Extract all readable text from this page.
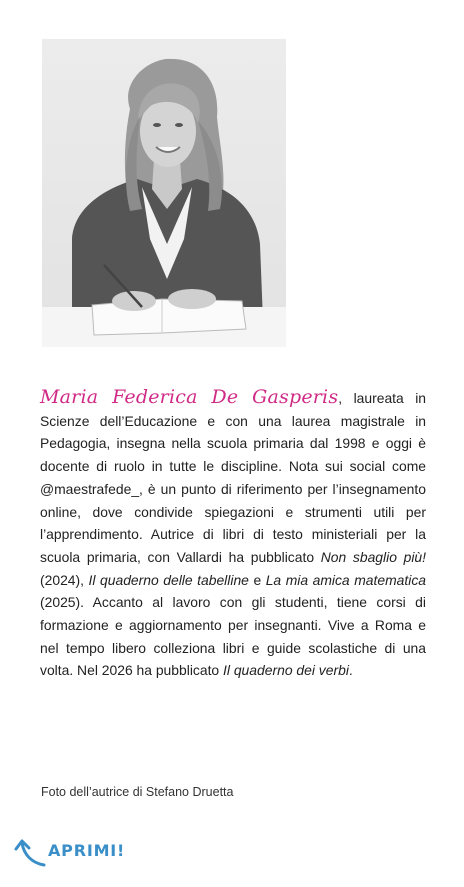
Maria Federica De Gasperis, laureata in Scienze dell’Educazione e con una laurea magistrale in Pedagogia, insegna nella scuola primaria dal 1998 e oggi è docente di ruolo in tutte le discipline. Nota sui social come @maestrafede_, è un punto di riferimento per l’insegnamento online, dove condivide spiegazioni e strumenti utili per l’apprendimento. Autrice di libri di testo ministeriali per la scuola primaria, con Vallardi ha pubblicato Non sbaglio più! (2024), Il quaderno delle tabelline e La mia amica matematica (2025). Accanto al lavoro con gli studenti, tiene corsi di formazione e aggiornamento per insegnanti. Vive a Roma e nel tempo libero colleziona libri e guide scolastiche di una volta. Nel 2026 ha pubblicato Il quaderno dei verbi.
Foto dell’autrice di Stefano Druetta
APRIMI!
